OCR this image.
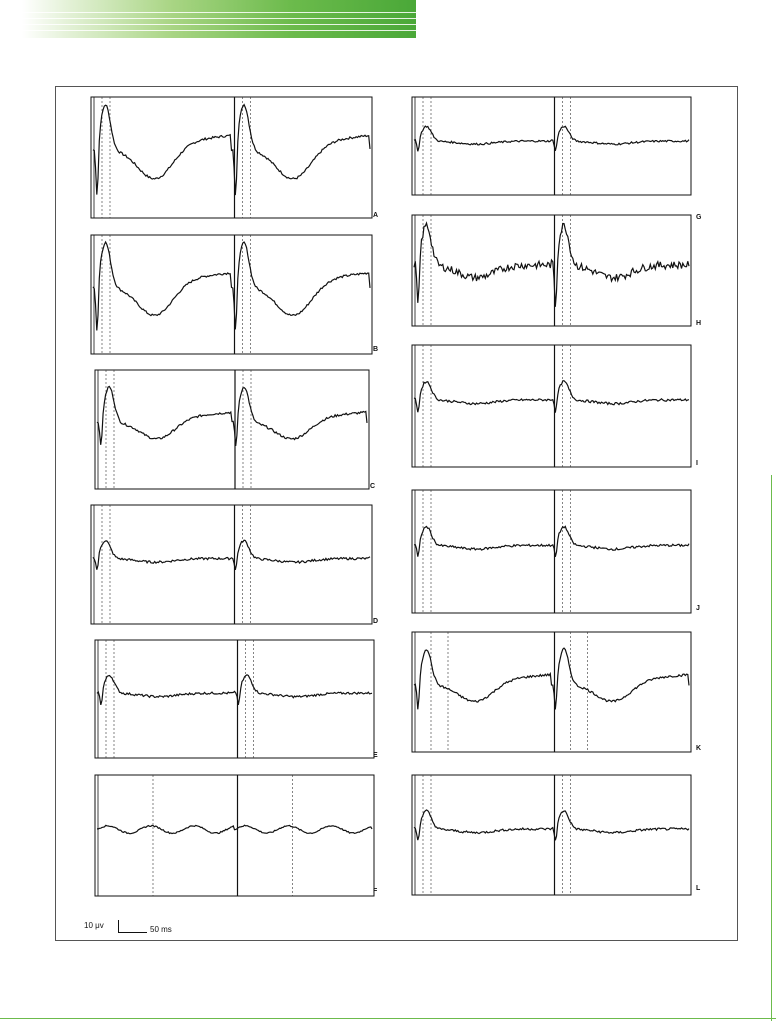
A
B
C
D
E
F
G
H
I
J
K
L
10 μv	50 ms
